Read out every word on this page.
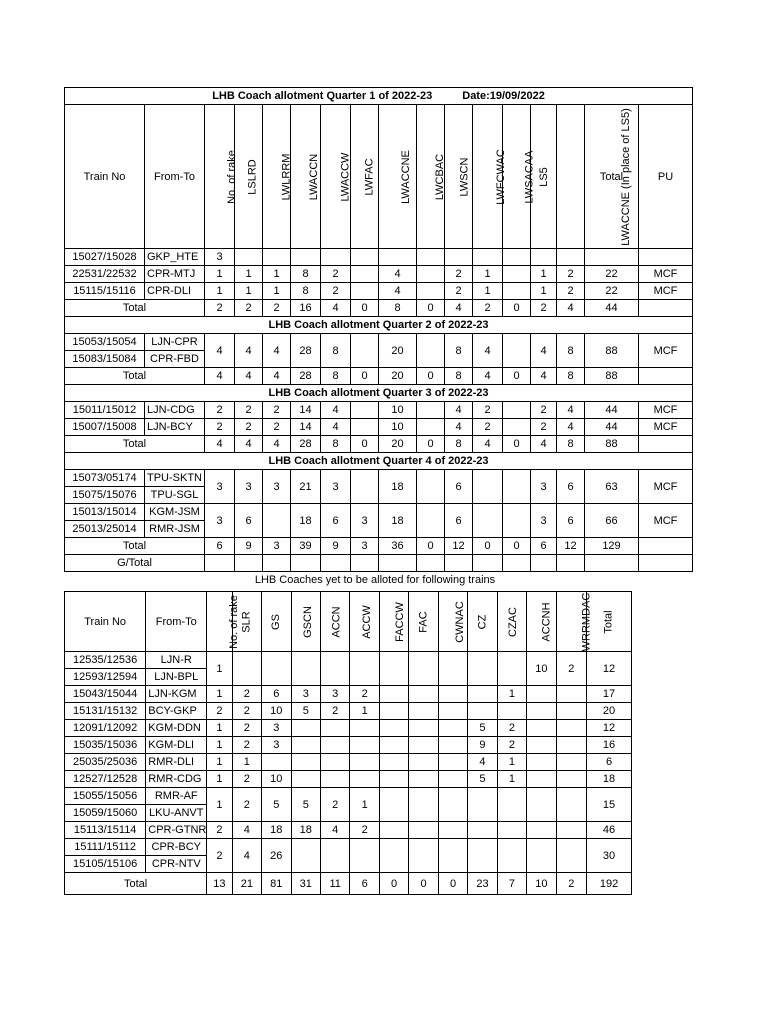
LHB Coach allotment Quarter 1 of 2022-23 Date:19/09/2022																
Train No	From-To	No. of rake	LSLRD	LWLRRM	LWACCN	LWACCW	LWFAC	LWACCNE	LWCBAC	LWSCN	LWFCWAC	LWSACAA	LS5	LWACCNE (In place of LS5)	Total	PU
15027/15028	GKP_HTE	3														
22531/22532	CPR-MTJ	1	1	1	8	2		4		2	1		1	2	22	MCF
15115/15116	CPR-DLI	1	1	1	8	2		4		2	1		1	2	22	MCF
Total		2	2	2	16	4	0	8	0	4	2	0	2	4	44	
LHB Coach allotment Quarter 2 of 2022-23																
15053/15054	LJN-CPR	4	4	4	28	8		20		8	4		4	8	88	MCF
15083/15084	CPR-FBD															
Total		4	4	4	28	8	0	20	0	8	4	0	4	8	88	
LHB Coach allotment Quarter 3 of 2022-23																
15011/15012	LJN-CDG	2	2	2	14	4		10		4	2		2	4	44	MCF
15007/15008	LJN-BCY	2	2	2	14	4		10		4	2		2	4	44	MCF
Total		4	4	4	28	8	0	20	0	8	4	0	4	8	88	
LHB Coach allotment Quarter 4 of 2022-23																
15073/05174	TPU-SKTN	3	3	3	21	3		18		6			3	6	63	MCF
15075/15076	TPU-SGL															
15013/15014	KGM-JSM	3	6		18	6	3	18		6			3	6	66	MCF
25013/25014	RMR-JSM															
Total		6	9	3	39	9	3	36	0	12	0	0	6	12	129	
G/Total																
LHB Coaches yet to be alloted for following trains
Train No	From-To	No. of rake	SLR	GS	GSCN	ACCN	ACCW	FACCW	FAC	CWNAC	CZ	CZAC	ACCNH	WRRMDAC	Total
12535/12536	LJN-R	1											10	2	12
12593/12594	LJN-BPL														
15043/15044	LJN-KGM	1	2	6	3	3	2					1			17
15131/15132	BCY-GKP	2	2	10	5	2	1								20
12091/12092	KGM-DDN	1	2	3							5	2			12
15035/15036	KGM-DLI	1	2	3							9	2			16
25035/25036	RMR-DLI	1	1								4	1			6
12527/12528	RMR-CDG	1	2	10							5	1			18
15055/15056	RMR-AF	1	2	5	5	2	1								15
15059/15060	LKU-ANVT														
15113/15114	CPR-GTNR	2	4	18	18	4	2								46
15111/15112	CPR-BCY	2	4	26											30
15105/15106	CPR-NTV														
Total		13	21	81	31	11	6	0	0	0	23	7	10	2	192
